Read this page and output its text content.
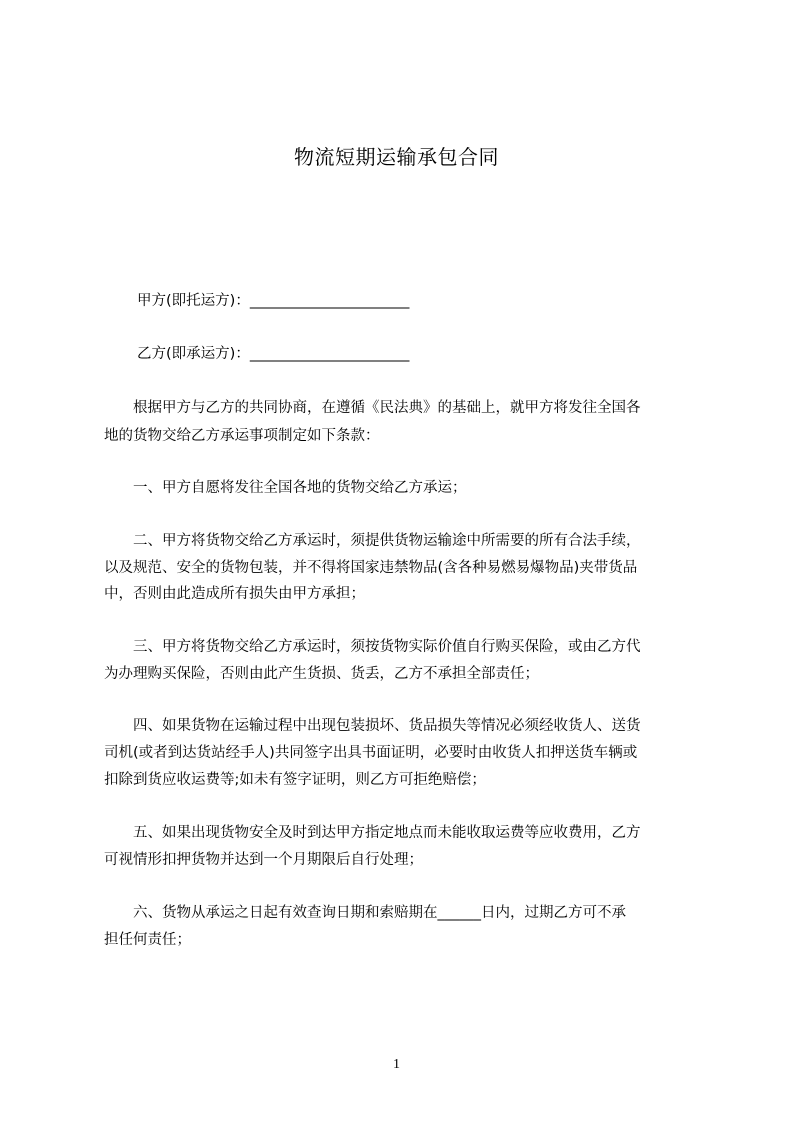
物流短期运输承包合同
甲方(即托运方)：______________________
乙方(即承运方)：______________________
　　根据甲方与乙方的共同协商，在遵循《民法典》的基础上，就甲方将发往全国各
地的货物交给乙方承运事项制定如下条款：
　　一、甲方自愿将发往全国各地的货物交给乙方承运；
　　二、甲方将货物交给乙方承运时，须提供货物运输途中所需要的所有合法手续，
以及规范、安全的货物包装，并不得将国家违禁物品(含各种易燃易爆物品)夹带货品
中，否则由此造成所有损失由甲方承担；
　　三、甲方将货物交给乙方承运时，须按货物实际价值自行购买保险，或由乙方代
为办理购买保险，否则由此产生货损、货丢，乙方不承担全部责任；
　　四、如果货物在运输过程中出现包装损坏、货品损失等情况必须经收货人、送货
司机(或者到达货站经手人)共同签字出具书面证明，必要时由收货人扣押送货车辆或
扣除到货应收运费等;如未有签字证明，则乙方可拒绝赔偿；
　　五、如果出现货物安全及时到达甲方指定地点而未能收取运费等应收费用，乙方
可视情形扣押货物并达到一个月期限后自行处理；
　　六、货物从承运之日起有效查询日期和索赔期在______日内，过期乙方可不承
担任何责任；
1
